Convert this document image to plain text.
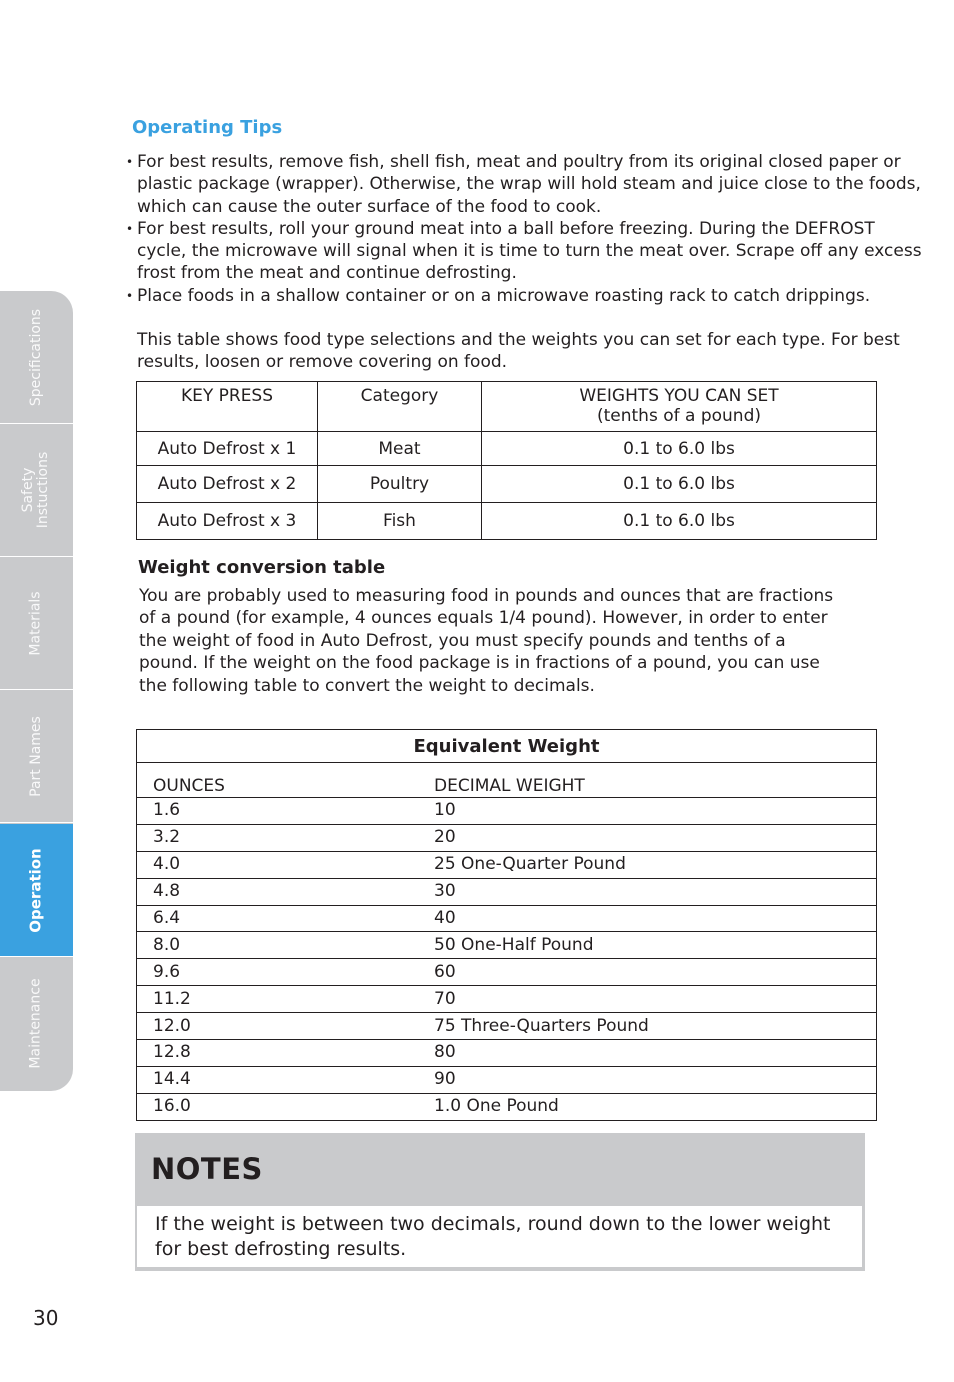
Specifications
Safety
Instuctions
Materials
Part Names
Operation
Maintenance
Operating Tips
• For best results, remove fish, shell fish, meat and poultry from its original closed paper or plastic package (wrapper). Otherwise, the wrap will hold steam and juice close to the foods, which can cause the outer surface of the food to cook.
• For best results, roll your ground meat into a ball before freezing. During the DEFROST cycle, the microwave will signal when it is time to turn the meat over. Scrape off any excess frost from the meat and continue defrosting.
• Place foods in a shallow container or on a microwave roasting rack to catch drippings.

This table shows food type selections and the weights you can set for each type. For best results, loosen or remove covering on food.

KEY PRESS	Category	WEIGHTS YOU CAN SET
(tenths of a pound)

Auto Defrost x 1	Meat	0.1 to 6.0 lbs
Auto Defrost x 2	Poultry	0.1 to 6.0 lbs
Auto Defrost x 3	Fish	0.1 to 6.0 lbs
Weight conversion table

You are probably used to measuring food in pounds and ounces that are fractions of a pound (for example, 4 ounces equals 1/4 pound). However, in order to enter the weight of food in Auto Defrost, you must specify pounds and tenths of a pound. If the weight on the food package is in fractions of a pound, you can use the following table to convert the weight to decimals.

Equivalent Weight	
OUNCES	DECIMAL WEIGHT
1.6	10
3.2	20
4.0	25 One-Quarter Pound
4.8	30
6.4	40
8.0	50 One-Half Pound
9.6	60
11.2	70
12.0	75 Three-Quarters Pound
12.8	80
14.4	90
16.0	1.0 One Pound
NOTES

If the weight is between two decimals, round down to the lower weight for best defrosting results.

30
